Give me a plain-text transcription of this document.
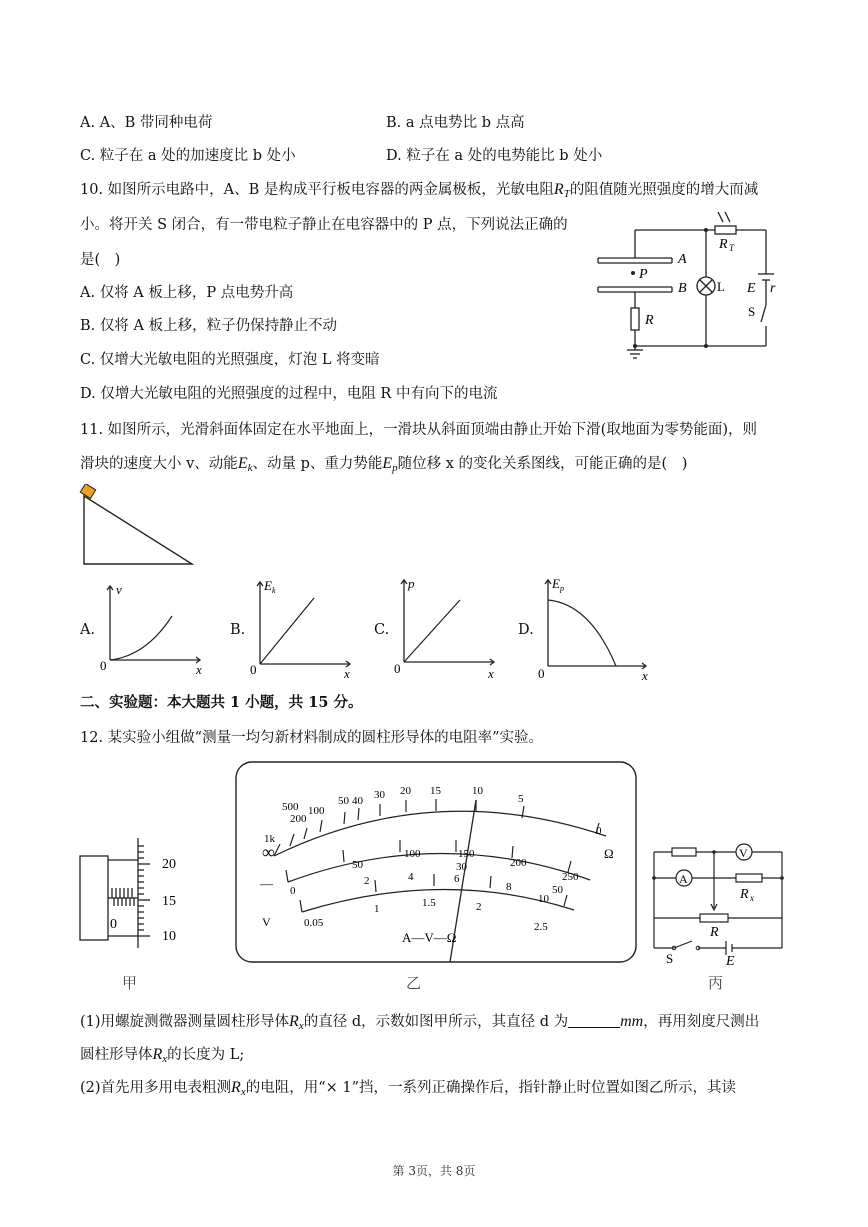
A. A、B 带同种电荷	B. a 点电势比 b 点高
C. 粒子在 a 处的加速度比 b 处小	D. 粒子在 a 处的电势能比 b 处小
10. 如图所示电路中，A、B 是构成平行板电容器的两金属极板，光敏电阻$R_T$的阻值随光照强度的增大而减
小。将开关 S 闭合，有一带电粒子静止在电容器中的 P 点，下列说法正确的
是(　)
A. 仅将 A 板上移，P 点电势升高
B. 仅将 A 板上移，粒子仍保持静止不动
C. 仅增大光敏电阻的光照强度，灯泡 L 将变暗
D. 仅增大光敏电阻的光照强度的过程中，电阻 R 中有向下的电流
P
A
B
R
R T
L E r
S
11. 如图所示，光滑斜面体固定在水平地面上，一滑块从斜面顶端由静止开始下滑(取地面为零势能面)，则
滑块的速度大小 v、动能$E_k$、动量 p、重力势能$E_p$随位移 x 的变化关系图线，可能正确的是(　)
A.	B.	C.	D.
v
x
0
E k
x
0
p
x
0
E p
x
0
二、实验题：本大题共 1 小题，共 15 分。
12. 某实验小组做“测量一均匀新材料制成的圆柱形导体的电阻率”实验。
20
15
10
0
甲
1k
500
200
100
50 40 30 20 15	10
5
0
∞	Ω
50
100	150
200
250
30
50
0
2	4	6
8
10
0.05
1	1.5	2
2.5
—
V
A—V—Ω
乙
V
A
R x
R
S	E
丙
(1)用螺旋测微器测量圆柱形导体$R_x$的直径 d，示数如图甲所示，其直径 d 为	mm，再用刻度尺测出
圆柱形导体$R_x$的长度为 L;
(2)首先用多用电表粗测$R_x$的电阻，用“× 1”挡，一系列正确操作后，指针静止时位置如图乙所示，其读
第 3页，共 8页
